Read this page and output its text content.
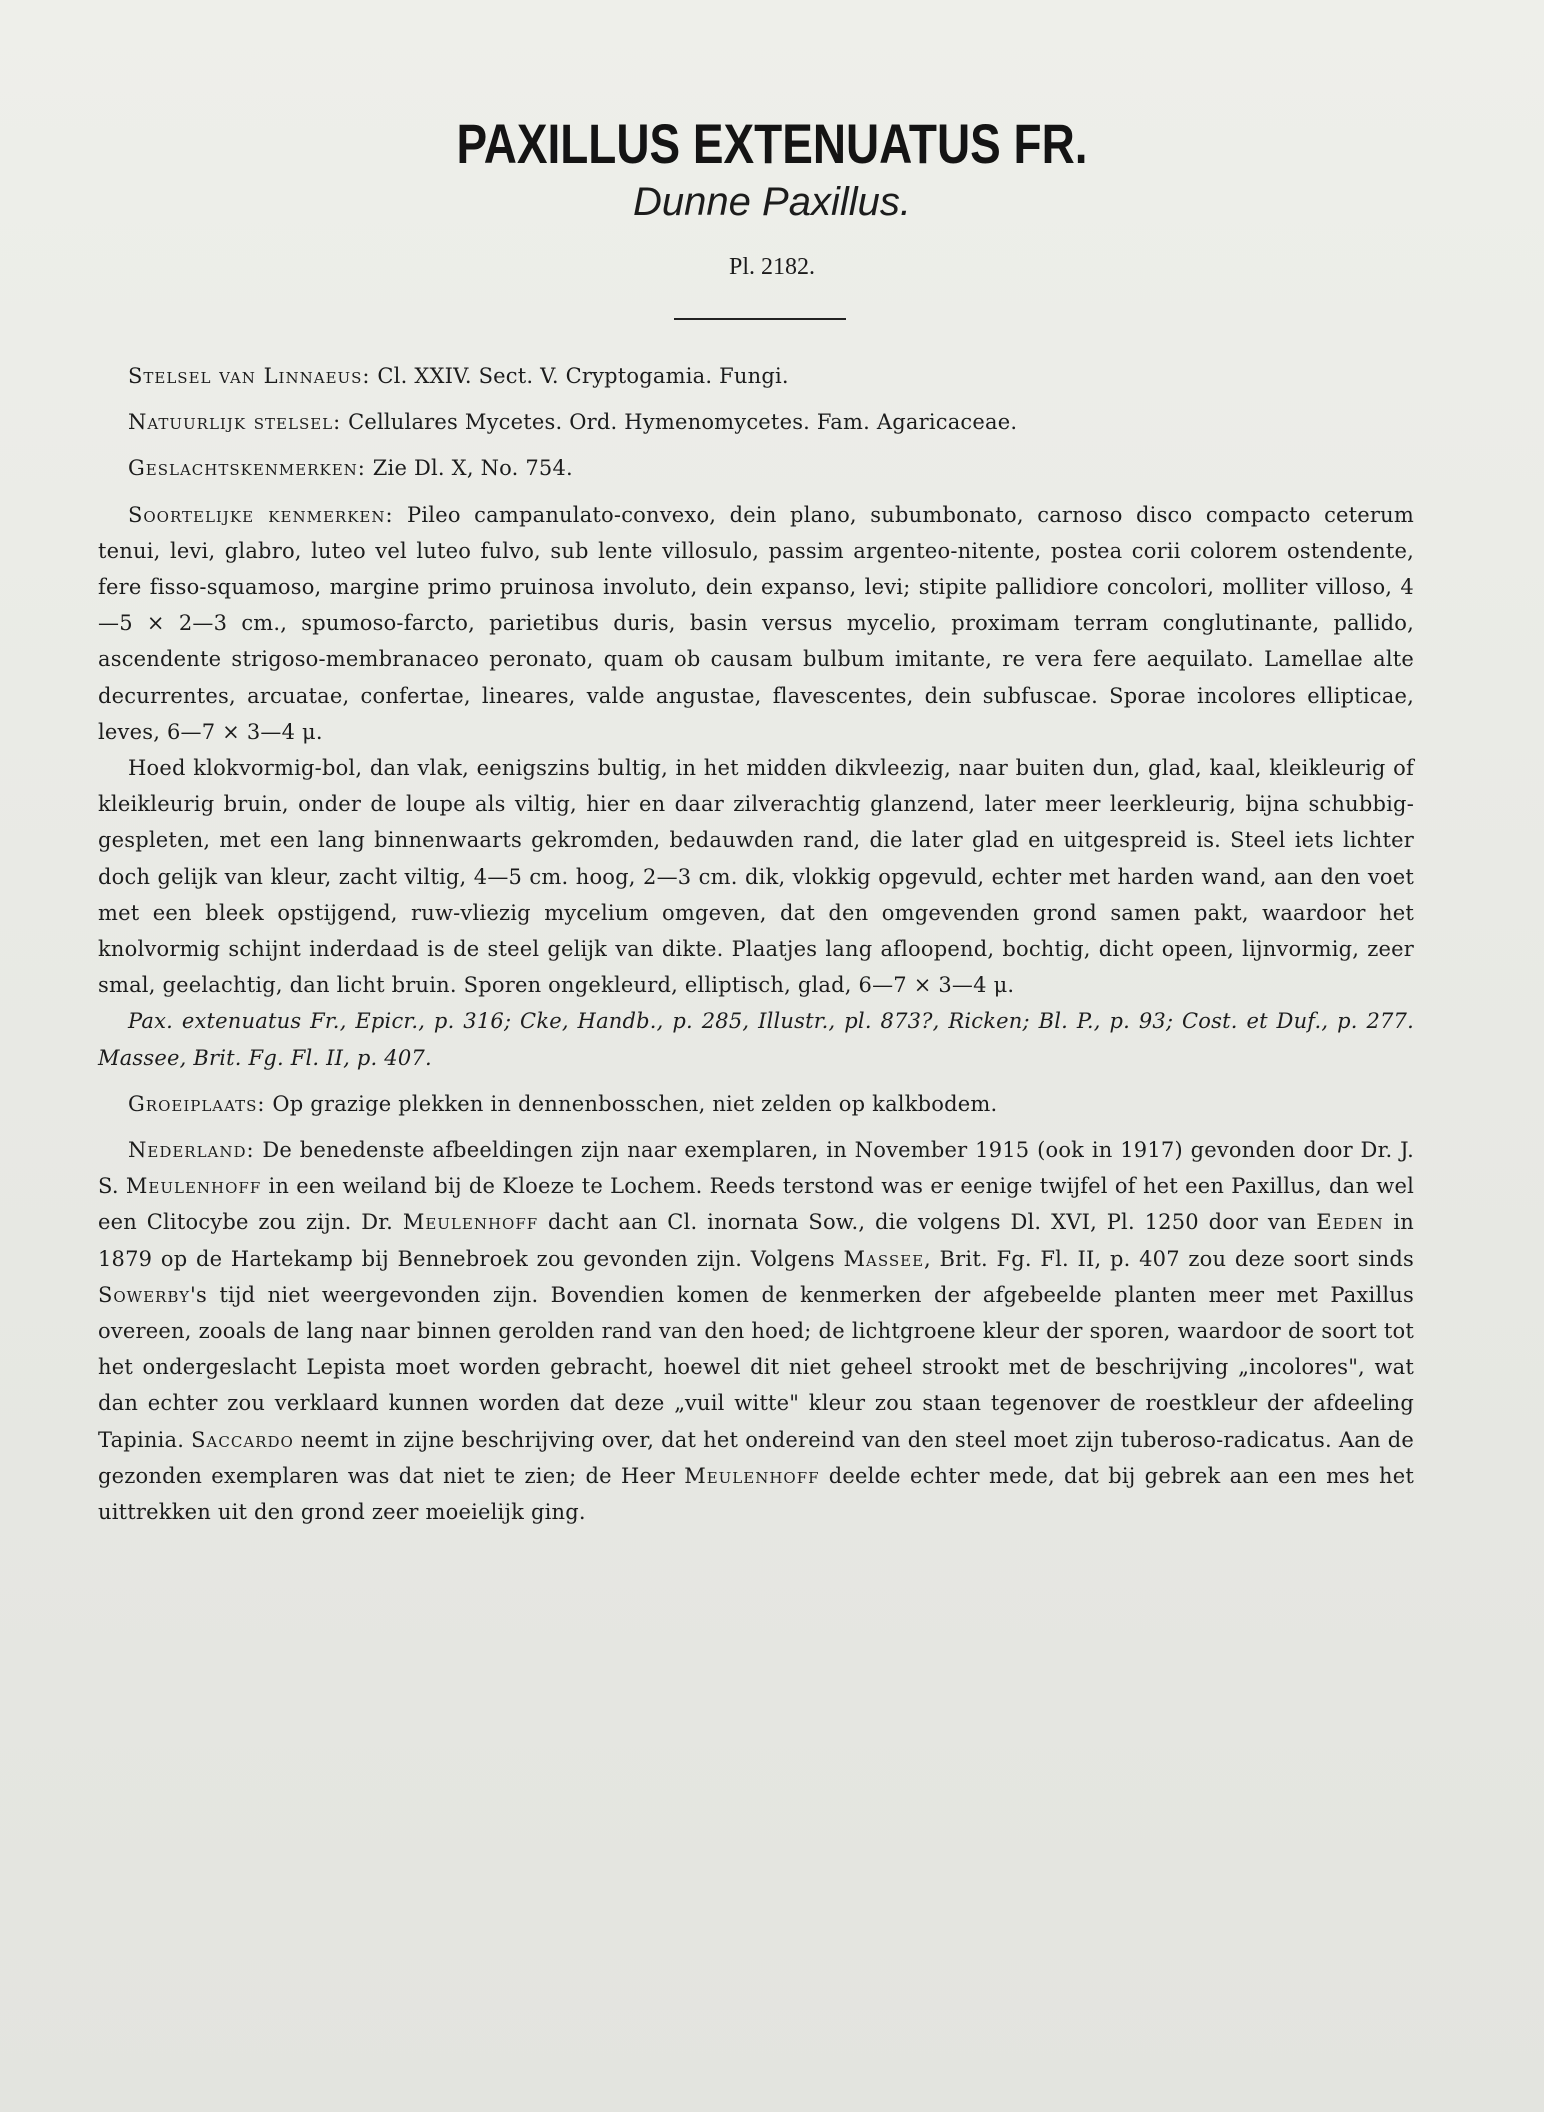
PAXILLUS EXTENUATUS FR.
Dunne Paxillus.
Pl. 2182.

Stelsel van Linnaeus: Cl. XXIV. Sect. V. Cryptogamia. Fungi.

Natuurlijk stelsel: Cellulares Mycetes. Ord. Hymenomycetes. Fam. Agaricaceae.

Geslachtskenmerken: Zie Dl. X, No. 754.

Soortelijke kenmerken: Pileo campanulato-convexo, dein plano, subumbonato, carnoso disco compacto ceterum tenui, levi, glabro, luteo vel luteo fulvo, sub lente villosulo, passim argenteo-nitente, postea corii colorem ostendente, fere fisso-squamoso, margine primo pruinosa involuto, dein expanso, levi; stipite pallidiore concolori, molliter villoso, 4—5 × 2—3 cm., spumoso-farcto, parietibus duris, basin versus mycelio, proximam terram conglutinante, pallido, ascendente strigoso-membranaceo peronato, quam ob causam bulbum imitante, re vera fere aequilato. Lamellae alte decurrentes, arcuatae, confertae, lineares, valde angustae, flavescentes, dein subfuscae. Sporae incolores ellipticae, leves, 6—7 × 3—4 μ.

Hoed klokvormig-bol, dan vlak, eenigszins bultig, in het midden dikvleezig, naar buiten dun, glad, kaal, kleikleurig of kleikleurig bruin, onder de loupe als viltig, hier en daar zilverachtig glanzend, later meer leerkleurig, bijna schubbig-gespleten, met een lang binnenwaarts gekromden, bedauwden rand, die later glad en uitgespreid is. Steel iets lichter doch gelijk van kleur, zacht viltig, 4—5 cm. hoog, 2—3 cm. dik, vlokkig opgevuld, echter met harden wand, aan den voet met een bleek opstijgend, ruw-vliezig mycelium omgeven, dat den omgevenden grond samen pakt, waardoor het knolvormig schijnt inderdaad is de steel gelijk van dikte. Plaatjes lang afloopend, bochtig, dicht opeen, lijnvormig, zeer smal, geelachtig, dan licht bruin. Sporen ongekleurd, elliptisch, glad, 6—7 × 3—4 μ.

Pax. extenuatus Fr., Epicr., p. 316; Cke, Handb., p. 285, Illustr., pl. 873?, Ricken; Bl. P., p. 93; Cost. et Duf., p. 277. Massee, Brit. Fg. Fl. II, p. 407.

Groeiplaats: Op grazige plekken in dennenbosschen, niet zelden op kalkbodem.

Nederland: De benedenste afbeeldingen zijn naar exemplaren, in November 1915 (ook in 1917) gevonden door Dr. J. S. Meulenhoff in een weiland bij de Kloeze te Lochem. Reeds terstond was er eenige twijfel of het een Paxillus, dan wel een Clitocybe zou zijn. Dr. Meulenhoff dacht aan Cl. inornata Sow., die volgens Dl. XVI, Pl. 1250 door van Eeden in 1879 op de Hartekamp bij Bennebroek zou gevonden zijn. Volgens Massee, Brit. Fg. Fl. II, p. 407 zou deze soort sinds Sowerby's tijd niet weergevonden zijn. Bovendien komen de kenmerken der afgebeelde planten meer met Paxillus overeen, zooals de lang naar binnen gerolden rand van den hoed; de lichtgroene kleur der sporen, waardoor de soort tot het ondergeslacht Lepista moet worden gebracht, hoewel dit niet geheel strookt met de beschrijving „incolores", wat dan echter zou verklaard kunnen worden dat deze „vuil witte" kleur zou staan tegenover de roestkleur der afdeeling Tapinia. Saccardo neemt in zijne beschrijving over, dat het ondereind van den steel moet zijn tuberoso-radicatus. Aan de gezonden exemplaren was dat niet te zien; de Heer Meulenhoff deelde echter mede, dat bij gebrek aan een mes het uittrekken uit den grond zeer moeielijk ging.
